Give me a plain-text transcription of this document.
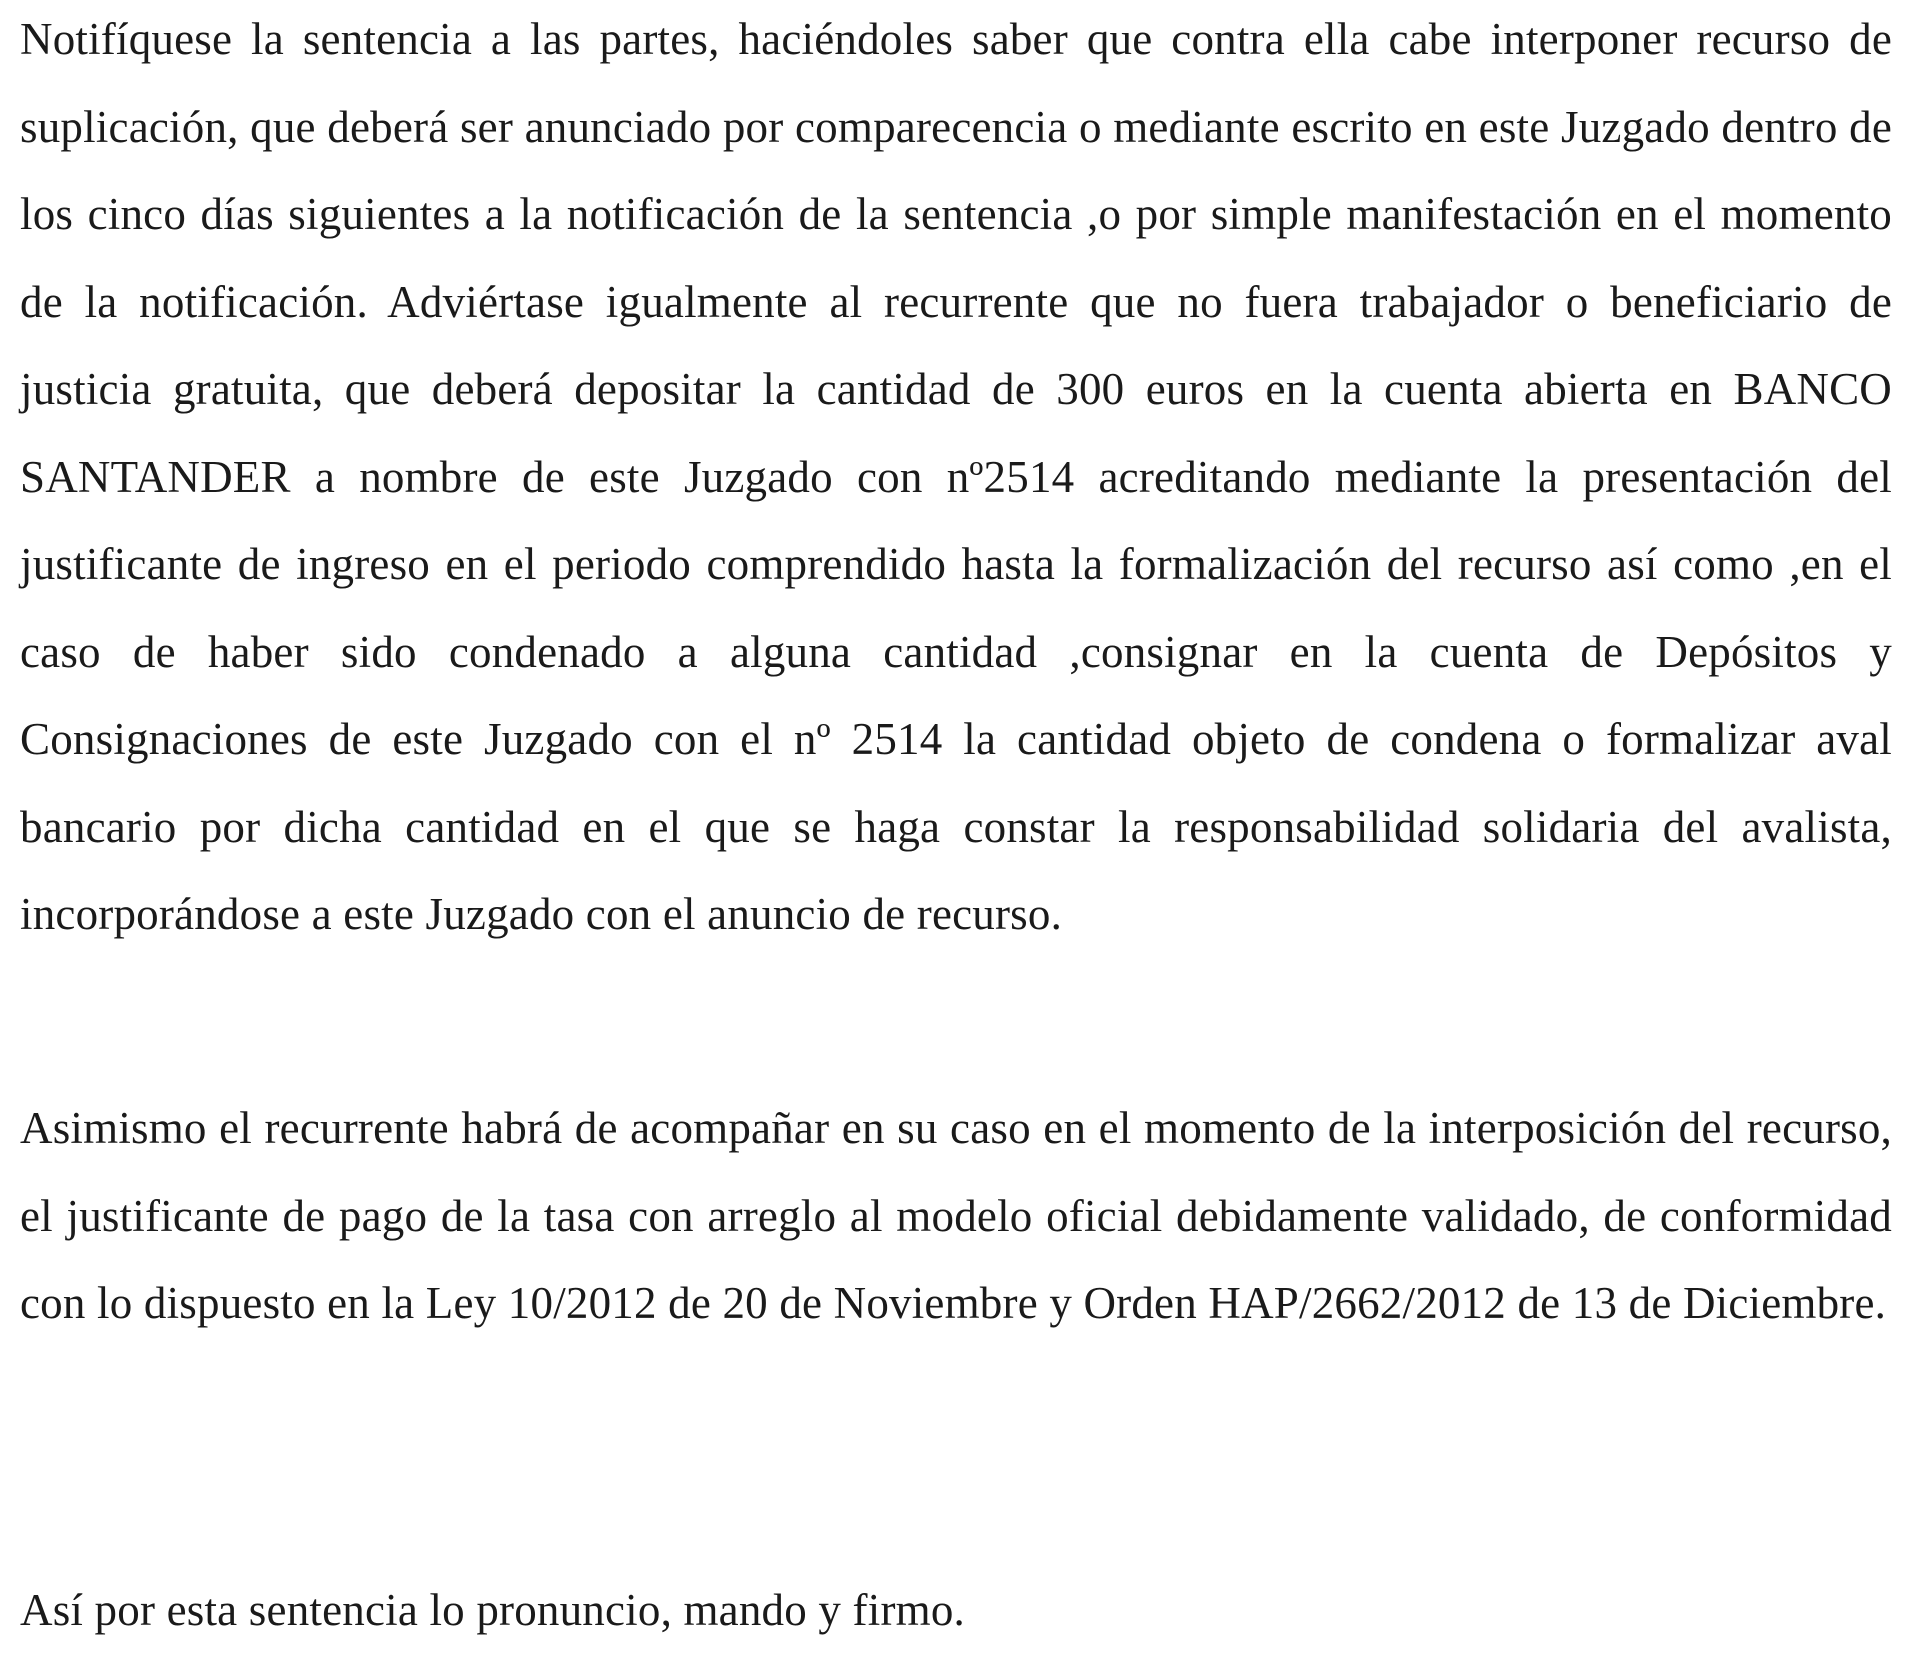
Notifíquese la sentencia a las partes, haciéndoles saber que contra ella cabe interponer recurso de suplicación, que deberá ser anunciado por comparecencia o mediante escrito en este Juzgado dentro de los cinco días siguientes a la notificación de la sentencia ,o por simple manifestación en el momento de la notificación. Adviértase igualmente al recurrente que no fuera trabajador o beneficiario de justicia gratuita, que deberá depositar la cantidad de 300 euros en la cuenta abierta en BANCO SANTANDER a nombre de este Juzgado con nº2514 acreditando mediante la presentación del justificante de ingreso en el periodo comprendido hasta la formalización del recurso así como ,en el caso de haber sido condenado a alguna cantidad ,consignar en la cuenta de Depósitos y Consignaciones de este Juzgado con el nº 2514 la cantidad objeto de condena o formalizar aval bancario por dicha cantidad en el que se haga constar la responsabilidad solidaria del avalista, incorporándose a este Juzgado con el anuncio de recurso.

Asimismo el recurrente habrá de acompañar en su caso en el momento de la interposición del recurso, el justificante de pago de la tasa con arreglo al modelo oficial debidamente validado, de conformidad con lo dispuesto en la Ley 10/2012 de 20 de Noviembre y Orden HAP/2662/2012 de 13 de Diciembre.

Así por esta sentencia lo pronuncio, mando y firmo.
